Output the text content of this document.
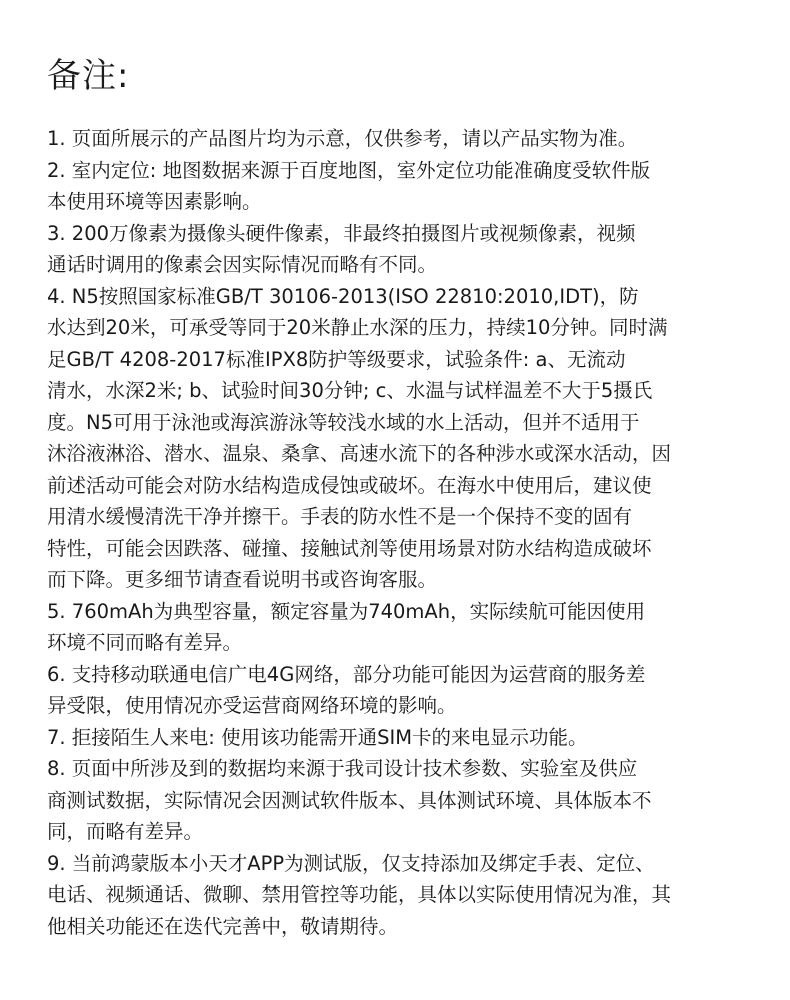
备注:
1. 页面所展示的产品图片均为示意，仅供参考，请以产品实物为准。
2. 室内定位: 地图数据来源于百度地图，室外定位功能准确度受软件版
本使用环境等因素影响。
3. 200万像素为摄像头硬件像素，非最终拍摄图片或视频像素，视频
通话时调用的像素会因实际情况而略有不同。
4. N5按照国家标准GB/T 30106-2013(ISO 22810:2010,IDT)，防
水达到20米，可承受等同于20米静止水深的压力，持续10分钟。同时满
足GB/T 4208-2017标准IPX8防护等级要求，试验条件: a、无流动
清水，水深2米; b、试验时间30分钟; c、水温与试样温差不大于5摄氏
度。N5可用于泳池或海滨游泳等较浅水域的水上活动，但并不适用于
沐浴液淋浴、潜水、温泉、桑拿、高速水流下的各种涉水或深水活动，因
前述活动可能会对防水结构造成侵蚀或破坏。在海水中使用后，建议使
用清水缓慢清洗干净并擦干。手表的防水性不是一个保持不变的固有
特性，可能会因跌落、碰撞、接触试剂等使用场景对防水结构造成破坏
而下降。更多细节请查看说明书或咨询客服。
5. 760mAh为典型容量，额定容量为740mAh，实际续航可能因使用
环境不同而略有差异。
6. 支持移动联通电信广电4G网络，部分功能可能因为运营商的服务差
异受限，使用情况亦受运营商网络环境的影响。
7. 拒接陌生人来电: 使用该功能需开通SIM卡的来电显示功能。
8. 页面中所涉及到的数据均来源于我司设计技术参数、实验室及供应
商测试数据，实际情况会因测试软件版本、具体测试环境、具体版本不
同，而略有差异。
9. 当前鸿蒙版本小天才APP为测试版，仅支持添加及绑定手表、定位、
电话、视频通话、微聊、禁用管控等功能，具体以实际使用情况为准，其
他相关功能还在迭代完善中，敬请期待。
